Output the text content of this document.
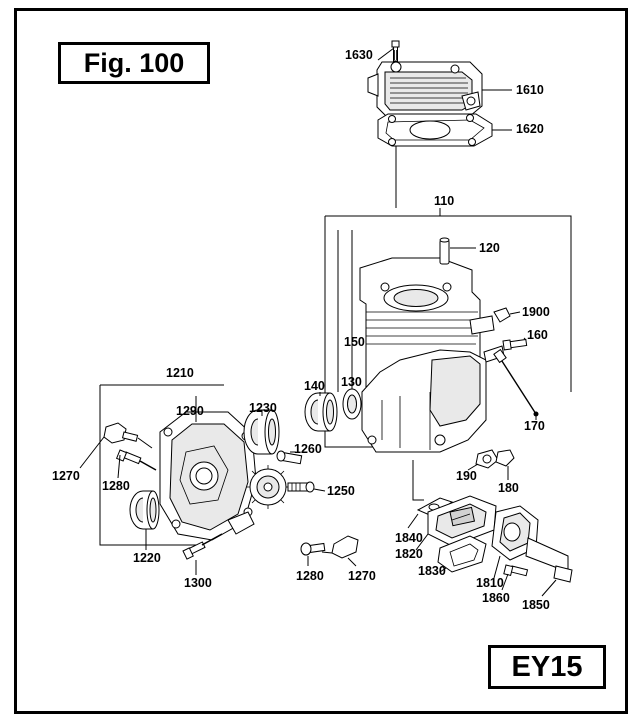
Fig. 100
EY15
1630
1610
1620
110
120
1900
160
150
140 130
170
1210
1290	1230
1260
1270
1280	1250
1220
1300	1280 1270
190
180
1840
1820
1830
1810
1860 1850
